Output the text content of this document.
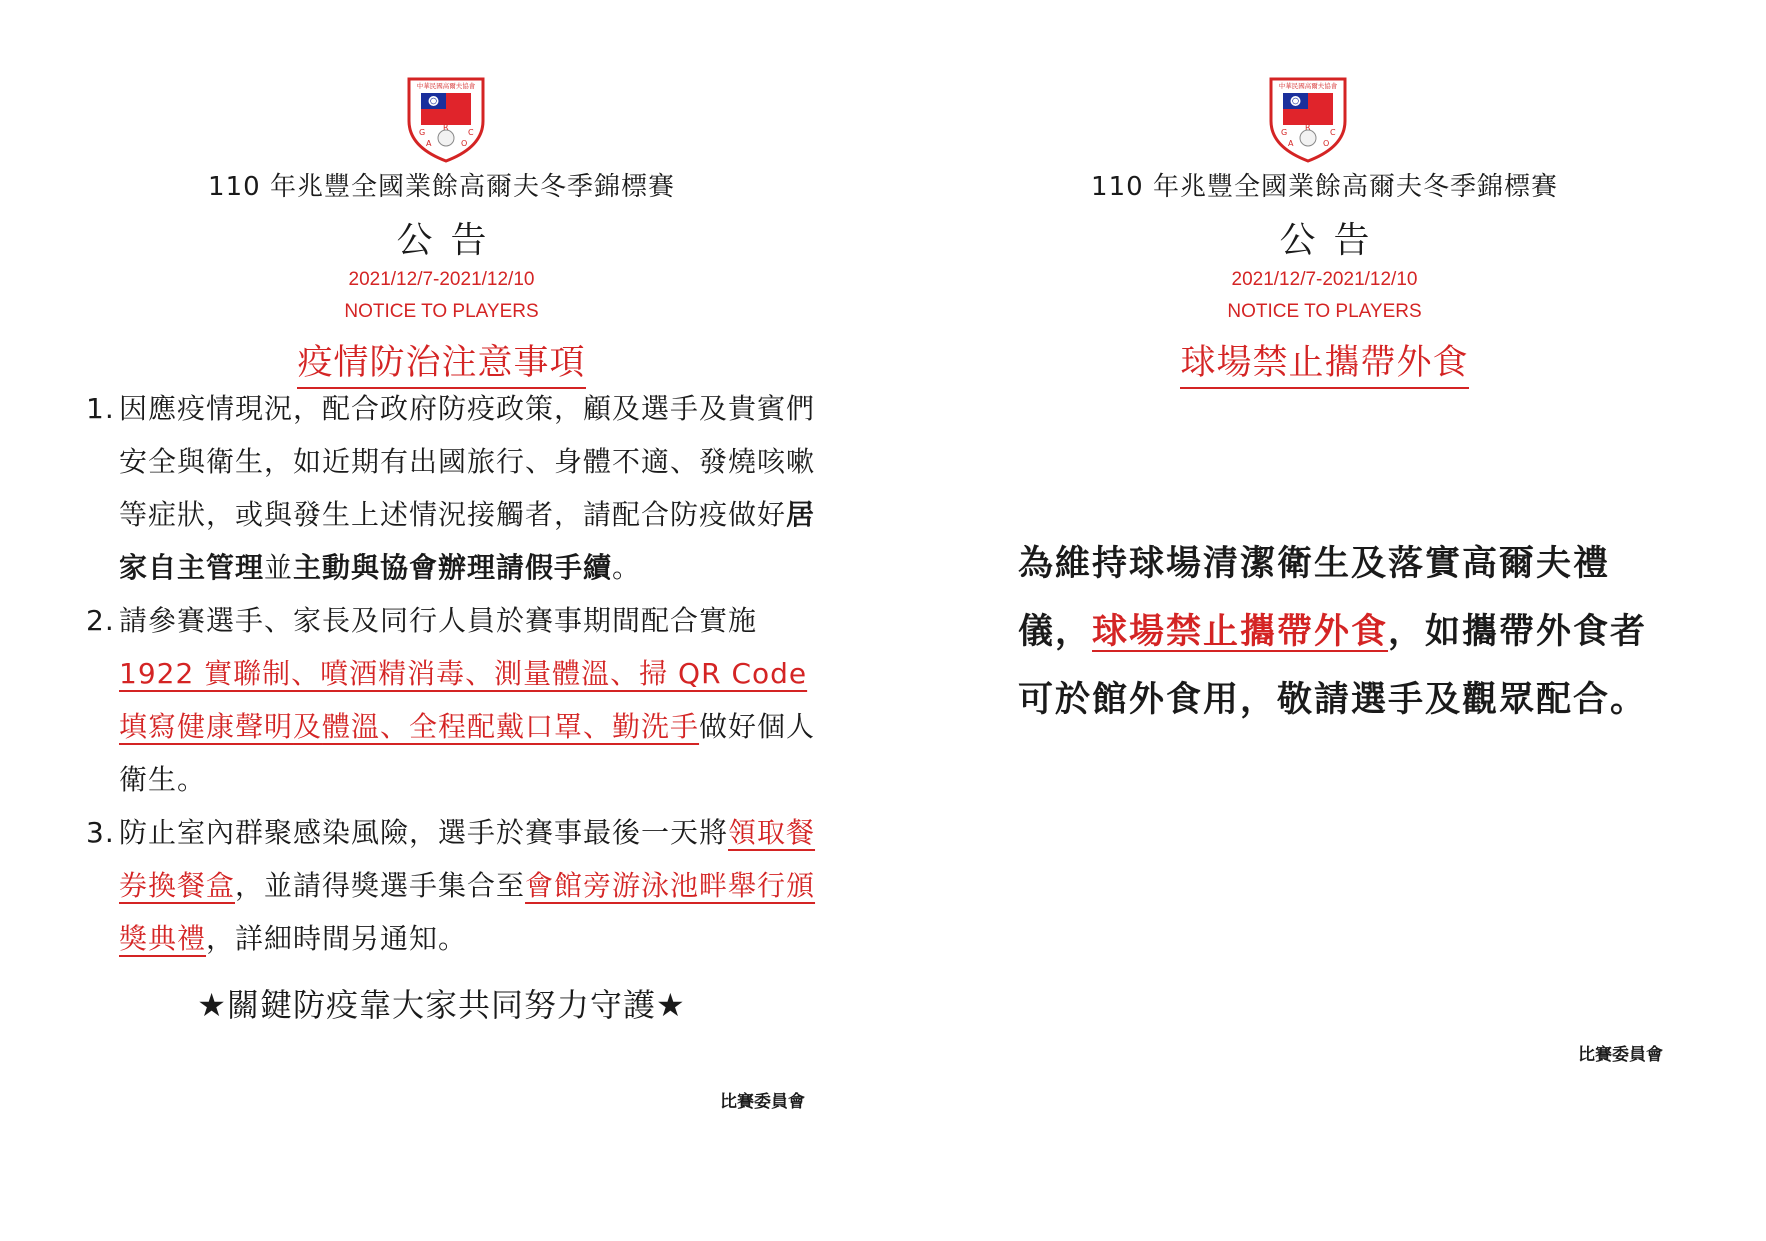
中華民國高爾夫協會
G
A
R
O
C
110 年兆豐全國業餘高爾夫冬季錦標賽
公告
2021/12/7-2021/12/10
NOTICE TO PLAYERS
疫情防治注意事項

1. 因應疫情現況，配合政府防疫政策，顧及選手及貴賓們安全與衛生，如近期有出國旅行、身體不適、發燒咳嗽等症狀，或與發生上述情況接觸者，請配合防疫做好居家自主管理並主動與協會辦理請假手續。

2. 請參賽選手、家長及同行人員於賽事期間配合實施1922 實聯制、噴酒精消毒、測量體溫、掃 QR Code 填寫健康聲明及體溫、全程配戴口罩、勤洗手做好個人衛生。

3. 防止室內群聚感染風險，選手於賽事最後一天將領取餐券換餐盒，並請得獎選手集合至會館旁游泳池畔舉行頒獎典禮，詳細時間另通知。

★關鍵防疫靠大家共同努力守護★
比賽委員會
中華民國高爾夫協會
G
A
R
O
C
110 年兆豐全國業餘高爾夫冬季錦標賽
公告
2021/12/7-2021/12/10
NOTICE TO PLAYERS
球場禁止攜帶外食
為維持球場清潔衛生及落實高爾夫禮儀，球場禁止攜帶外食，如攜帶外食者可於館外食用，敬請選手及觀眾配合。
比賽委員會
